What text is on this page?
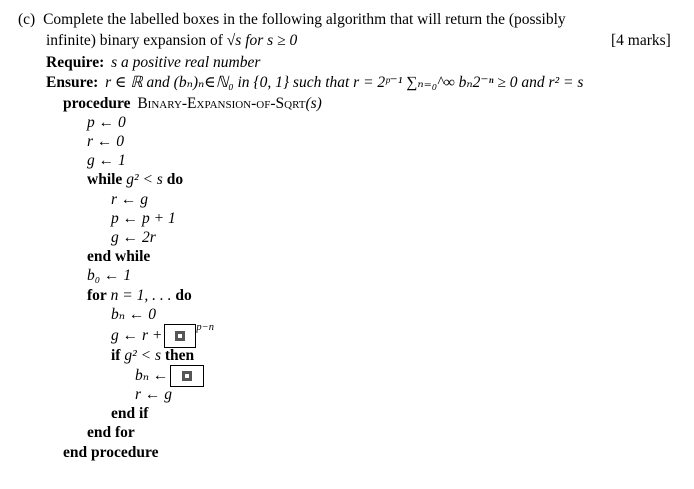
(c) Complete the labelled boxes in the following algorithm that will return the (possibly
infinite) binary expansion of √s for s ≥ 0	[4 marks]
Require: s a positive real number
Ensure: r ∈ ℝ and (bₙ)ₙ∈ℕ₀ in {0, 1} such that r = 2ᵖ⁻¹ ∑ₙ₌₀^∞ bₙ2⁻ⁿ ≥ 0 and r² = s
procedure Binary-Expansion-of-Sqrt(s)
p ← 0
r ← 0
g ← 1
while g² < s do
r ← g
p ← p + 1
g ← 2r
end while
b₀ ← 1
for n = 1, . . . do
bₙ ← 0
g ← r +	$^{p-n}$
if g² < s then
bₙ ←
r ← g
end if
end for
end procedure
